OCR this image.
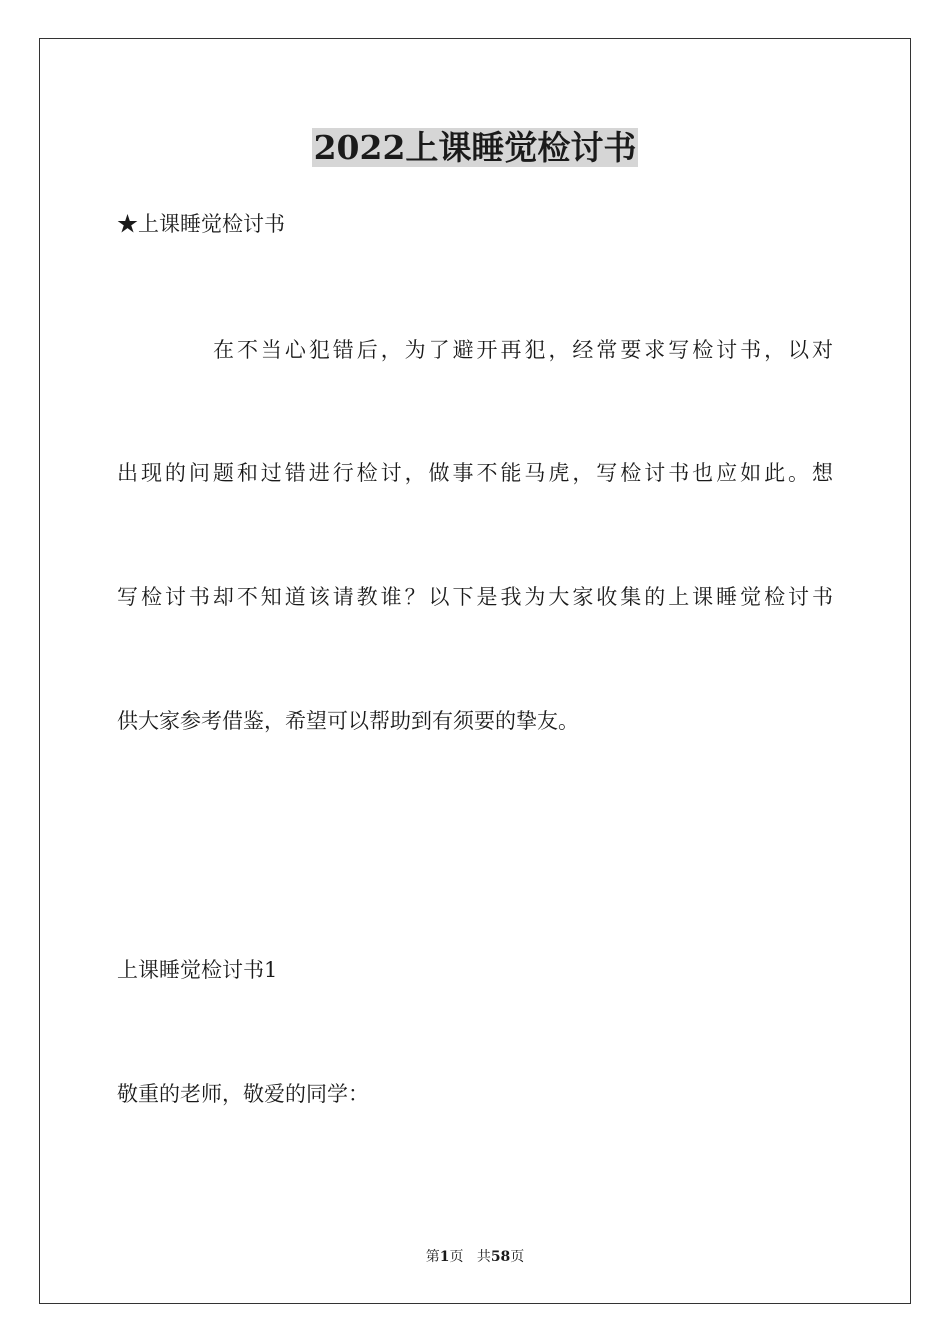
2022上课睡觉检讨书
★上课睡觉检讨书
在不当心犯错后，为了避开再犯，经常要求写检讨书，以对
出现的问题和过错进行检讨，做事不能马虎，写检讨书也应如此。想
写检讨书却不知道该请教谁？以下是我为大家收集的上课睡觉检讨书
供大家参考借鉴，希望可以帮助到有须要的挚友。
上课睡觉检讨书1
敬重的老师，敬爱的同学：
第1页 共58页
